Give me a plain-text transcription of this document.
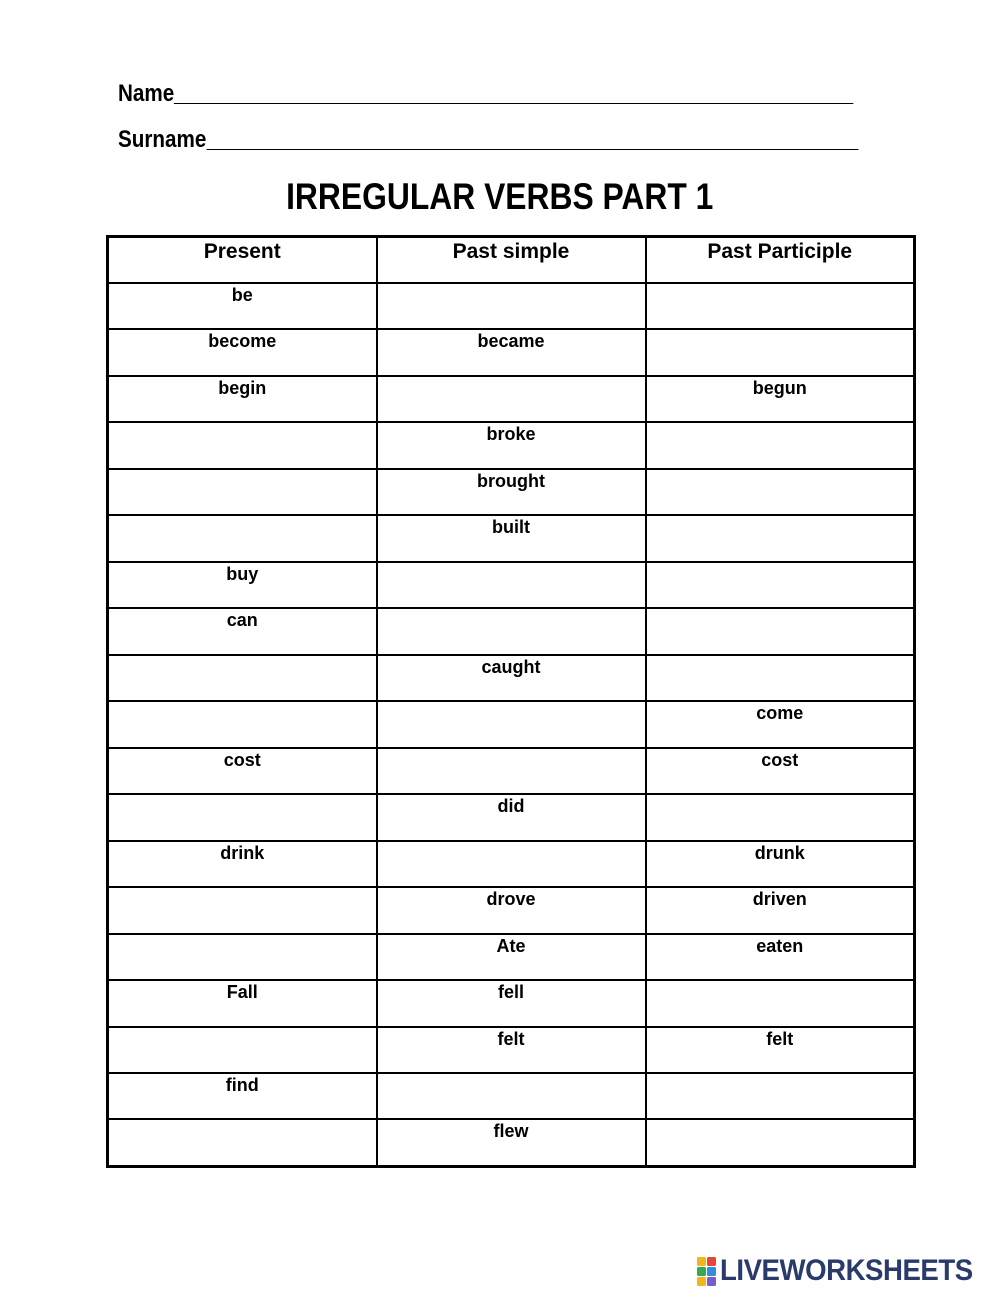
Name
Surname
IRREGULAR VERBS PART 1
Present	Past simple	Past Participle
be		
become	became	
begin		begun
	broke	
	brought	
	built	
buy		
can		
	caught	
		come
cost		cost
	did	
drink		drunk
	drove	driven
	Ate	eaten
Fall	fell	
	felt	felt
find		
	flew	
LIVEWORKSHEETS
